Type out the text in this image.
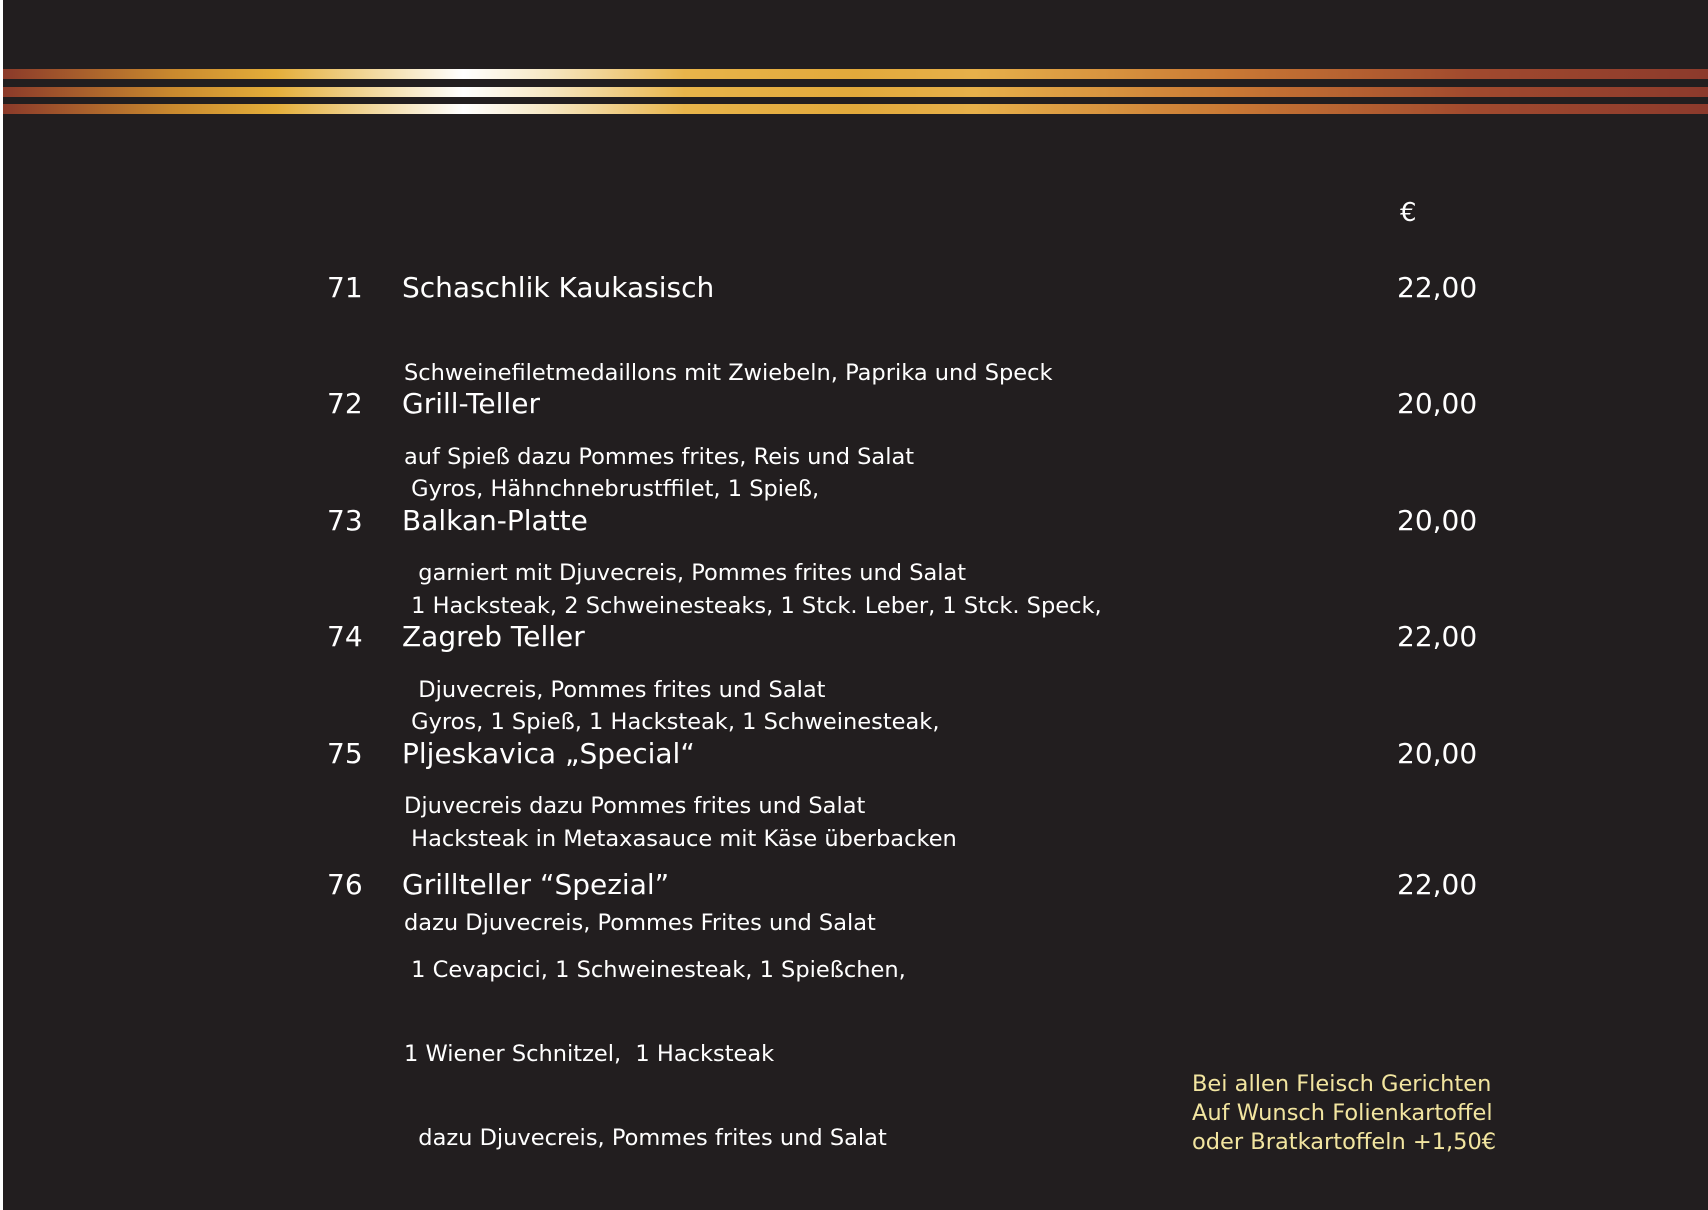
€
71 Schaschlik Kaukasisch	22,00

Schweinefiletmedaillons mit Zwiebeln, Paprika und Speck

auf Spieß dazu Pommes frites, Reis und Salat

72 Grill-Teller	20,00

Gyros, Hähnchnebrustffilet, 1 Spieß,

garniert mit Djuvecreis, Pommes frites und Salat

73 Balkan-Platte	20,00

1 Hacksteak, 2 Schweinesteaks, 1 Stck. Leber, 1 Stck. Speck,

Djuvecreis, Pommes frites und Salat

74 Zagreb Teller	22,00

Gyros, 1 Spieß, 1 Hacksteak, 1 Schweinesteak,

Djuvecreis dazu Pommes frites und Salat

75 Pljeskavica „Special“	20,00

Hacksteak in Metaxasauce mit Käse überbacken

dazu Djuvecreis, Pommes Frites und Salat

76 Grillteller “Spezial”	22,00

1 Cevapcici, 1 Schweinesteak, 1 Spießchen,

1 Wiener Schnitzel,  1 Hacksteak

dazu Djuvecreis, Pommes frites und Salat

Bei allen Fleisch Gerichten
Auf Wunsch Folienkartoffel
oder Bratkartoffeln +1,50€
